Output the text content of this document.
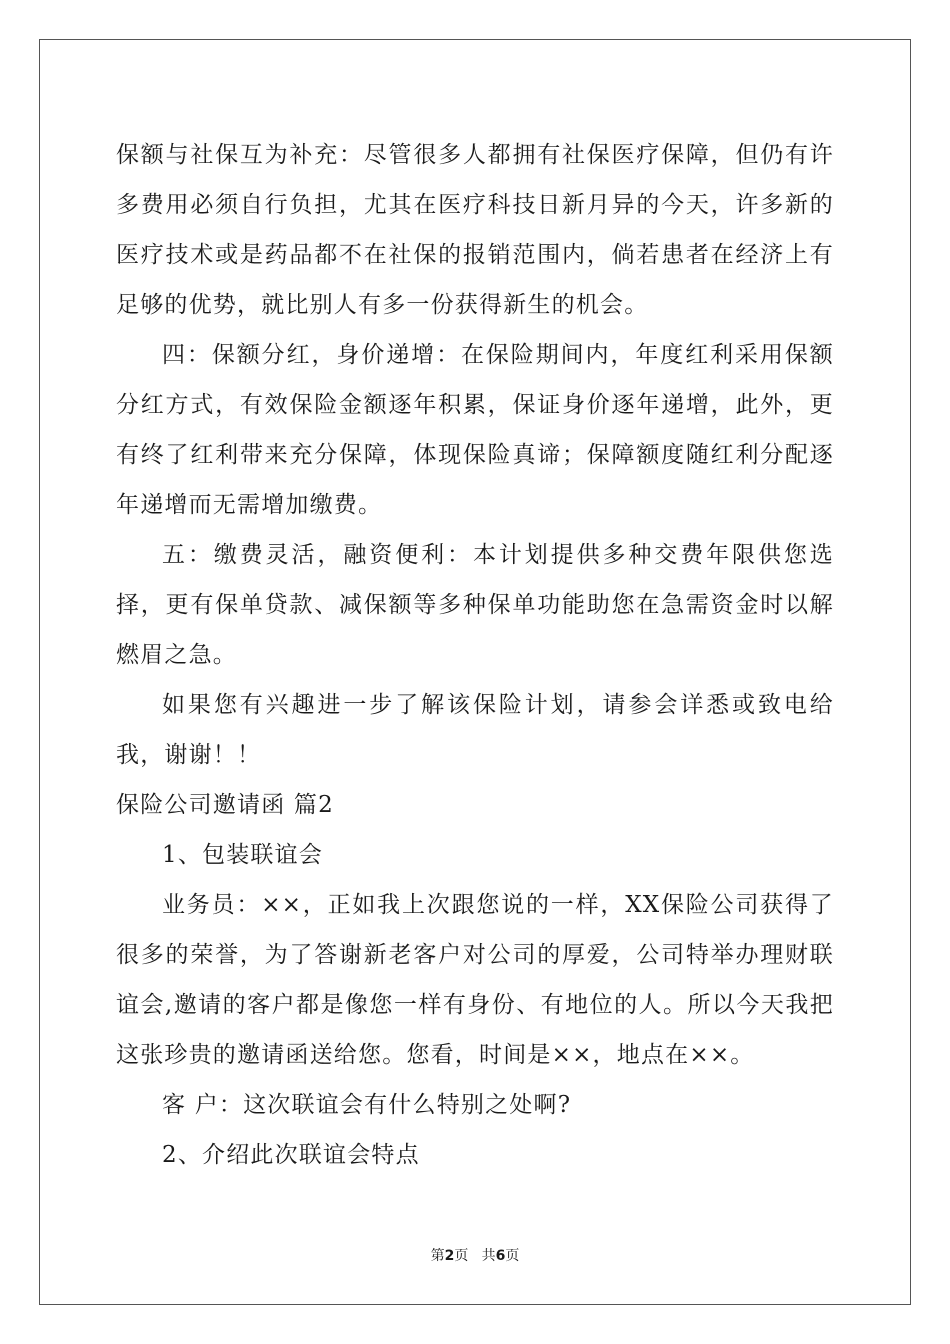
保额与社保互为补充：尽管很多人都拥有社保医疗保障，但仍有许多费用必须自行负担，尤其在医疗科技日新月异的今天，许多新的医疗技术或是药品都不在社保的报销范围内，倘若患者在经济上有足够的优势，就比别人有多一份获得新生的机会。

四：保额分红，身价递增：在保险期间内，年度红利采用保额分红方式，有效保险金额逐年积累，保证身价逐年递增，此外，更有终了红利带来充分保障，体现保险真谛；保障额度随红利分配逐年递增而无需增加缴费。

五：缴费灵活，融资便利：本计划提供多种交费年限供您选择，更有保单贷款、减保额等多种保单功能助您在急需资金时以解燃眉之急。

如果您有兴趣进一步了解该保险计划，请参会详悉或致电给我，谢谢！！

保险公司邀请函 篇2

1、包装联谊会

业务员：××，正如我上次跟您说的一样，XX保险公司获得了很多的荣誉，为了答谢新老客户对公司的厚爱，公司特举办理财联谊会,邀请的客户都是像您一样有身份、有地位的人。所以今天我把这张珍贵的邀请函送给您。您看，时间是××，地点在××。

客 户：这次联谊会有什么特别之处啊?

2、介绍此次联谊会特点

第2页 共6页
